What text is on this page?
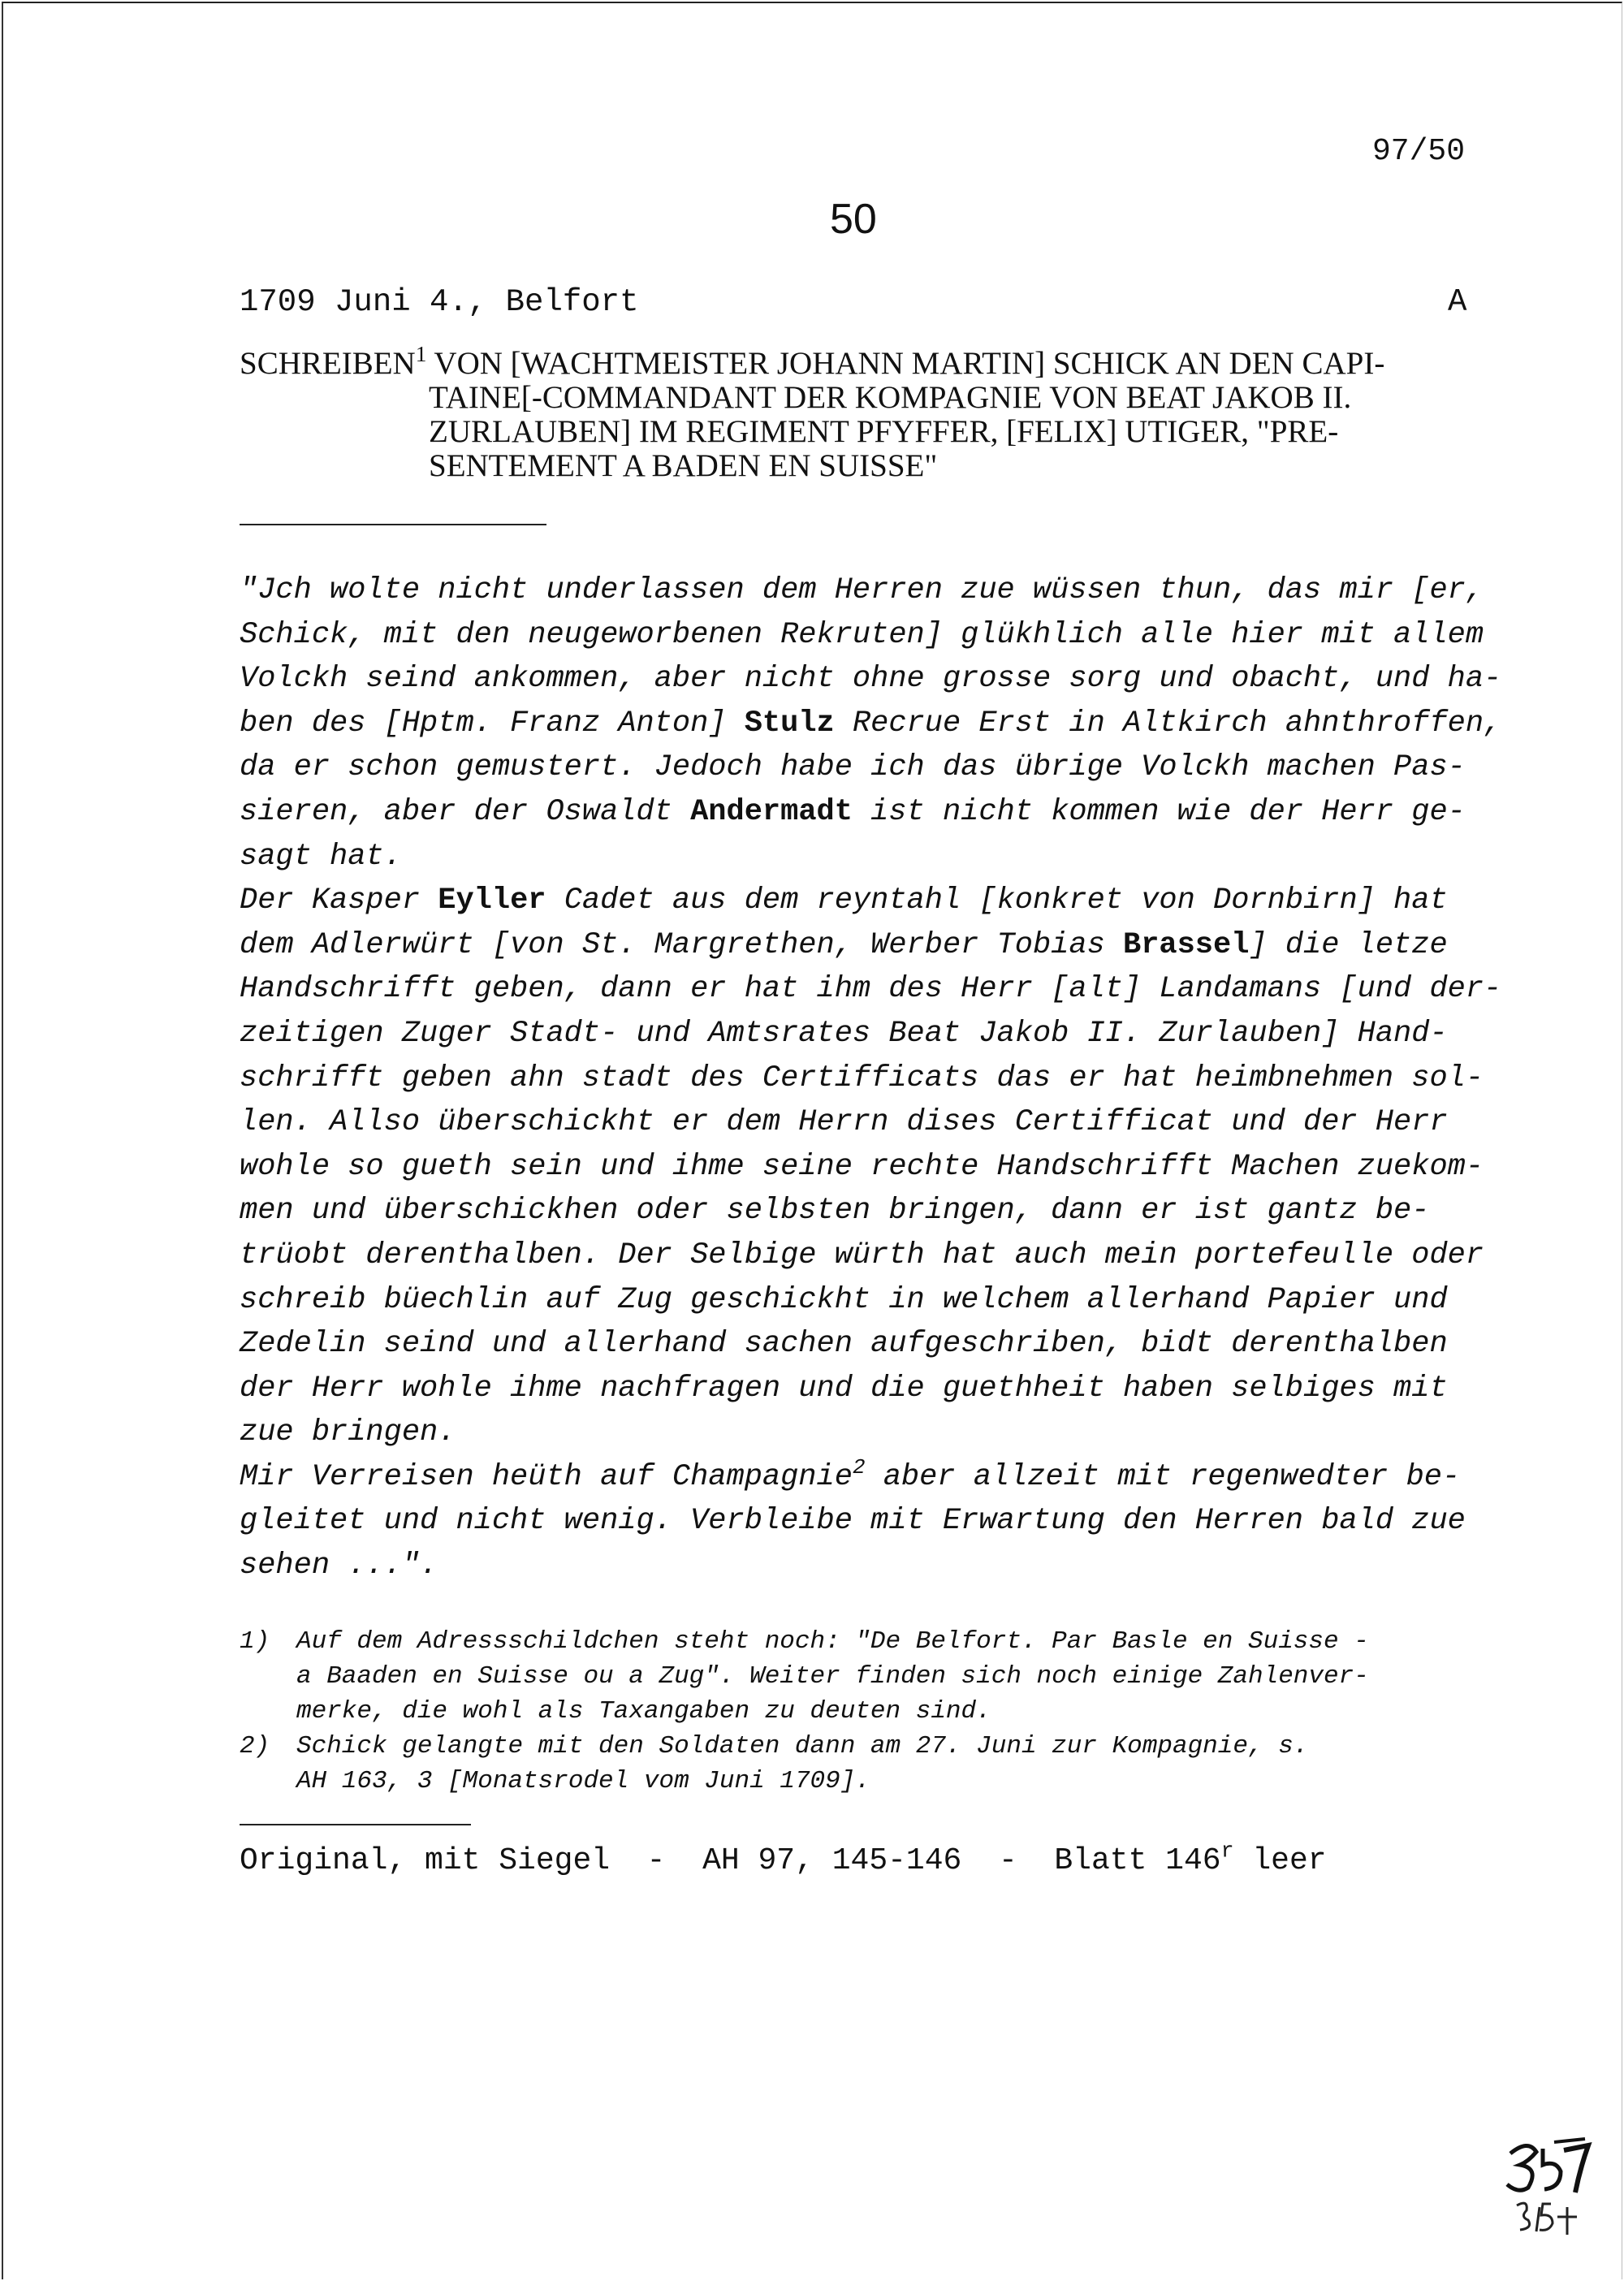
97/50
50
1709 Juni 4., Belfort	A
SCHREIBEN$^1$ VON [WACHTMEISTER JOHANN MARTIN] SCHICK AN DEN CAPI-
TAINE[-COMMANDANT DER KOMPAGNIE VON BEAT JAKOB II.
ZURLAUBEN] IM REGIMENT PFYFFER, [FELIX] UTIGER, "PRE-
SENTEMENT A BADEN EN SUISSE"
"Jch wolte nicht underlassen dem Herren zue wüssen thun, das mir [er,
Schick, mit den neugeworbenen Rekruten] glükhlich alle hier mit allem
Volckh seind ankommen, aber nicht ohne grosse sorg und obacht, und ha-
ben des [Hptm. Franz Anton] Stulz Recrue Erst in Altkirch ahnthroffen,
da er schon gemustert. Jedoch habe ich das übrige Volckh machen Pas-
sieren, aber der Oswaldt Andermadt ist nicht kommen wie der Herr ge-
sagt hat.
Der Kasper Eyller Cadet aus dem reyntahl [konkret von Dornbirn] hat
dem Adlerwürt [von St. Margrethen, Werber Tobias Brassel] die letze
Handschrifft geben, dann er hat ihm des Herr [alt] Landamans [und der-
zeitigen Zuger Stadt- und Amtsrates Beat Jakob II. Zurlauben] Hand-
schrifft geben ahn stadt des Certifficats das er hat heimbnehmen sol-
len. Allso überschickht er dem Herrn dises Certifficat und der Herr
wohle so gueth sein und ihme seine rechte Handschrifft Machen zuekom-
men und überschickhen oder selbsten bringen, dann er ist gantz be-
trüobt derenthalben. Der Selbige würth hat auch mein portefeulle oder
schreib büechlin auf Zug geschickht in welchem allerhand Papier und
Zedelin seind und allerhand sachen aufgeschriben, bidt derenthalben
der Herr wohle ihme nachfragen und die guethheit haben selbiges mit
zue bringen.
Mir Verreisen heüth auf Champagnie$^2$ aber allzeit mit regenwedter be-
gleitet und nicht wenig. Verbleibe mit Erwartung den Herren bald zue
sehen ...".
1)	Auf dem Adressschildchen steht noch: "De Belfort. Par Basle en Suisse -
a Baaden en Suisse ou a Zug". Weiter finden sich noch einige Zahlenver-
merke, die wohl als Taxangaben zu deuten sind.
2)	Schick gelangte mit den Soldaten dann am 27. Juni zur Kompagnie, s.
AH 163, 3 [Monatsrodel vom Juni 1709].
Original, mit Siegel  -  AH 97, 145-146  -  Blatt 146$^r$ leer
